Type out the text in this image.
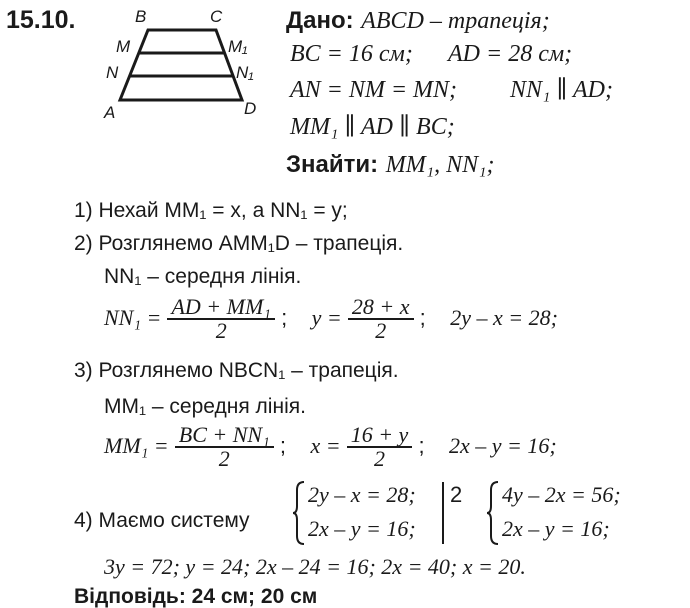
15.10.	B	C
M	M₁
N	N₁
A	D
Дано: ABCD – трапеція;
BC = 16 см; AD = 28 см;
AN = NM = MN; NN₁ ∥ AD;
MM₁ ∥ AD ∥ BC;
Знайти: MM₁, NN₁;
1) Нехай MM₁ = x, а NN₁ = y;
2) Розглянемо AMM₁D – трапеція.
NN₁ – середня лінія.
$NN_1 = \frac{\text{AD + MM₁}}{2}$ ; $y = \frac{28 + x}{2}$ ; 2y – x = 28;
3) Розглянемо NBCN₁ – трапеція.
MM₁ – середня лінія.
$MM_1 = \frac{\text{BC + NN₁}}{2}$ ; $x = \frac{16 + y}{2}$ ; 2x – y = 16;
4) Маємо систему
2y – x = 28;
2x – y = 16;
2 4y – 2x = 56;
2x – y = 16;
3y = 72; y = 24; 2x – 24 = 16; 2x = 40; x = 20.
Відповідь: 24 см; 20 см
